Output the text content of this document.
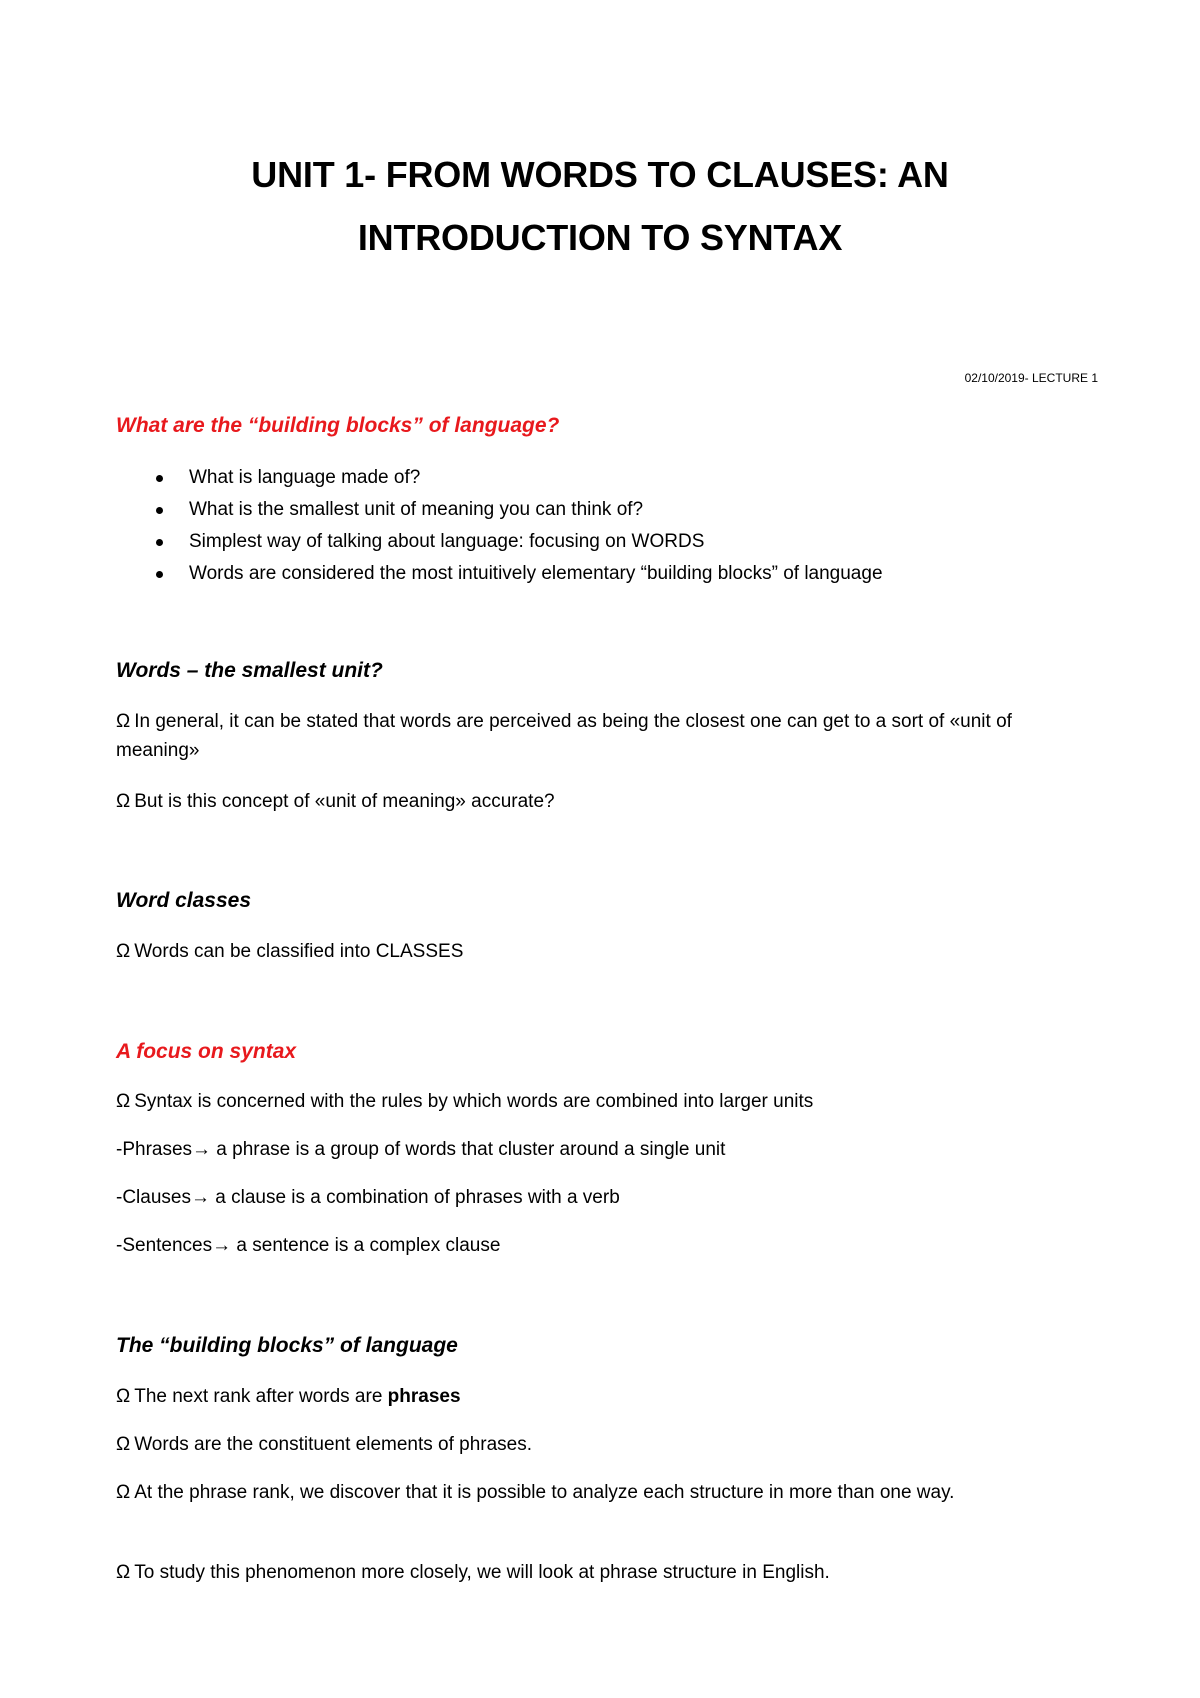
UNIT 1- FROM WORDS TO CLAUSES: AN
INTRODUCTION TO SYNTAX
02/10/2019- LECTURE 1
What are the “building blocks” of language?
What is language made of?
What is the smallest unit of meaning you can think of?
Simplest way of talking about language: focusing on WORDS
Words are considered the most intuitively elementary “building blocks” of language
Words – the smallest unit?
Ω In general, it can be stated that words are perceived as being the closest one can get to a sort of «unit of meaning»
Ω But is this concept of «unit of meaning» accurate?
Word classes
Ω Words can be classified into CLASSES
A focus on syntax
Ω Syntax is concerned with the rules by which words are combined into larger units
-Phrases→ a phrase is a group of words that cluster around a single unit
-Clauses→ a clause is a combination of phrases with a verb
-Sentences→ a sentence is a complex clause
The “building blocks” of language
Ω The next rank after words are phrases
Ω Words are the constituent elements of phrases.
Ω At the phrase rank, we discover that it is possible to analyze each structure in more than one way.
Ω To study this phenomenon more closely, we will look at phrase structure in English.
